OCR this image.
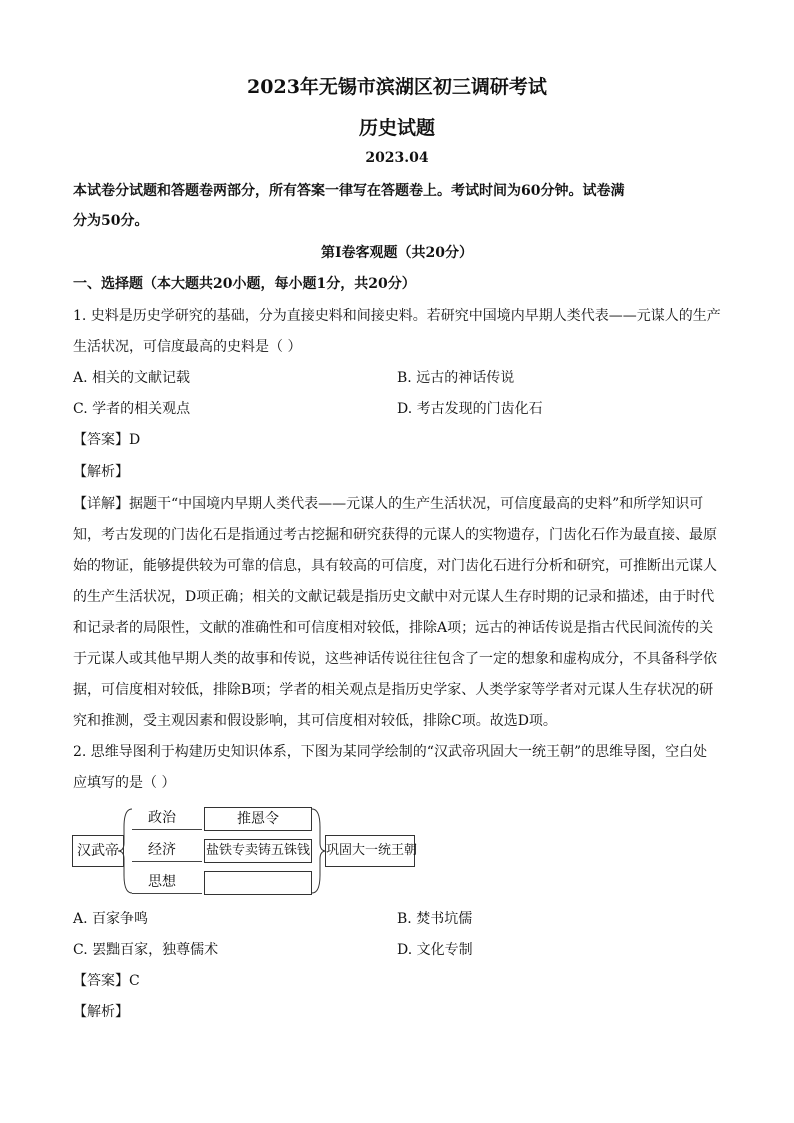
2023年无锡市滨湖区初三调研考试
历史试题
2023.04
本试卷分试题和答题卷两部分，所有答案一律写在答题卷上。考试时间为60分钟。试卷满
分为50分。
第Ⅰ卷客观题（共20分）
一、选择题（本大题共20小题，每小题1分，共20分）
1. 史料是历史学研究的基础，分为直接史料和间接史料。若研究中国境内早期人类代表——元谋人的生产
生活状况，可信度最高的史料是（ ）
A. 相关的文献记载	B. 远古的神话传说
C. 学者的相关观点	D. 考古发现的门齿化石
【答案】D
【解析】
【详解】据题干“中国境内早期人类代表——元谋人的生产生活状况，可信度最高的史料”和所学知识可
知，考古发现的门齿化石是指通过考古挖掘和研究获得的元谋人的实物遗存，门齿化石作为最直接、最原
始的物证，能够提供较为可靠的信息，具有较高的可信度，对门齿化石进行分析和研究，可推断出元谋人
的生产生活状况，D项正确；相关的文献记载是指历史文献中对元谋人生存时期的记录和描述，由于时代
和记录者的局限性，文献的准确性和可信度相对较低，排除A项；远古的神话传说是指古代民间流传的关
于元谋人或其他早期人类的故事和传说，这些神话传说往往包含了一定的想象和虚构成分，不具备科学依
据，可信度相对较低，排除B项；学者的相关观点是指历史学家、人类学家等学者对元谋人生存状况的研
究和推测，受主观因素和假设影响，其可信度相对较低，排除C项。故选D项。
2. 思维导图利于构建历史知识体系，下图为某同学绘制的“汉武帝巩固大一统王朝”的思维导图，空白处
应填写的是（ ）
汉武帝
政治
经济
思想
推恩令
盐铁专卖铸五铢钱 巩固大一统王朝
A. 百家争鸣	B. 焚书坑儒
C. 罢黜百家，独尊儒术	D. 文化专制
【答案】C
【解析】
